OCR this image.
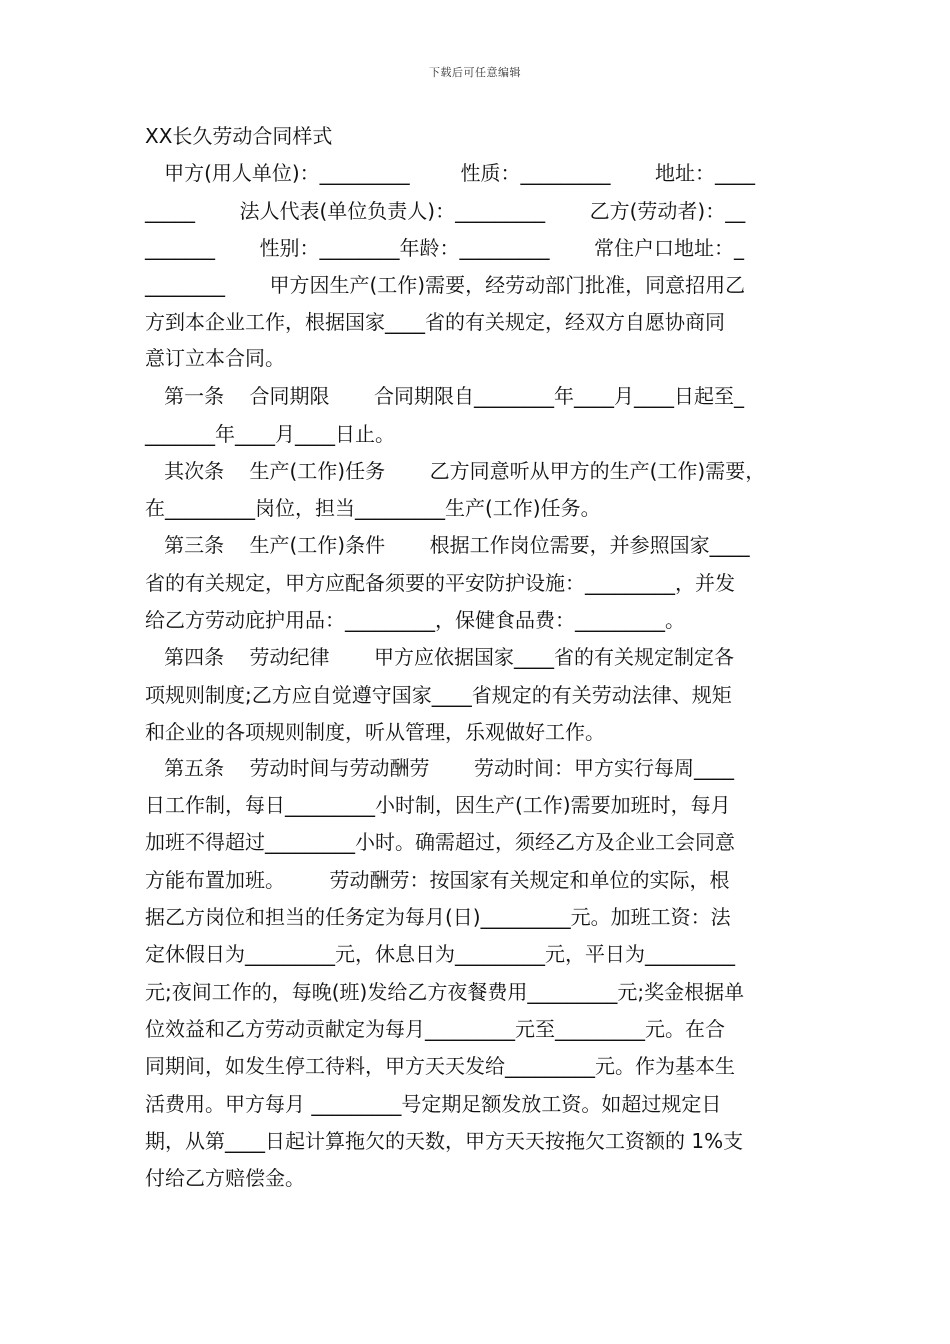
下载后可任意编辑
XX长久劳动合同样式
甲方(用人单位)：_________        性质：_________       地址：____
_____       法人代表(单位负责人)：_________       乙方(劳动者)：__
_______       性别：________年龄：_________       常住户口地址：_
________       甲方因生产(工作)需要，经劳动部门批准，同意招用乙
方到本企业工作，根据国家____省的有关规定，经双方自愿协商同
意订立本合同。
第一条    合同期限       合同期限自________年____月____日起至_
_______年____月____日止。
其次条    生产(工作)任务       乙方同意听从甲方的生产(工作)需要，
在_________岗位，担当_________生产(工作)任务。
第三条    生产(工作)条件       根据工作岗位需要，并参照国家____
省的有关规定，甲方应配备须要的平安防护设施：_________，并发
给乙方劳动庇护用品：_________，保健食品费：_________。
第四条    劳动纪律       甲方应依据国家____省的有关规定制定各
项规则制度;乙方应自觉遵守国家____省规定的有关劳动法律、规矩
和企业的各项规则制度，听从管理，乐观做好工作。
第五条    劳动时间与劳动酬劳       劳动时间：甲方实行每周____
日工作制，每日_________小时制，因生产(工作)需要加班时，每月
加班不得超过_________小时。确需超过，须经乙方及企业工会同意
方能布置加班。       劳动酬劳：按国家有关规定和单位的实际，根
据乙方岗位和担当的任务定为每月(日)_________元。加班工资：法
定休假日为_________元，休息日为_________元，平日为_________
元;夜间工作的，每晚(班)发给乙方夜餐费用_________元;奖金根据单
位效益和乙方劳动贡献定为每月_________元至_________元。在合
同期间，如发生停工待料，甲方天天发给_________元。作为基本生
活费用。甲方每月 _________号定期足额发放工资。如超过规定日
期，从第____日起计算拖欠的天数，甲方天天按拖欠工资额的 1%支
付给乙方赔偿金。
